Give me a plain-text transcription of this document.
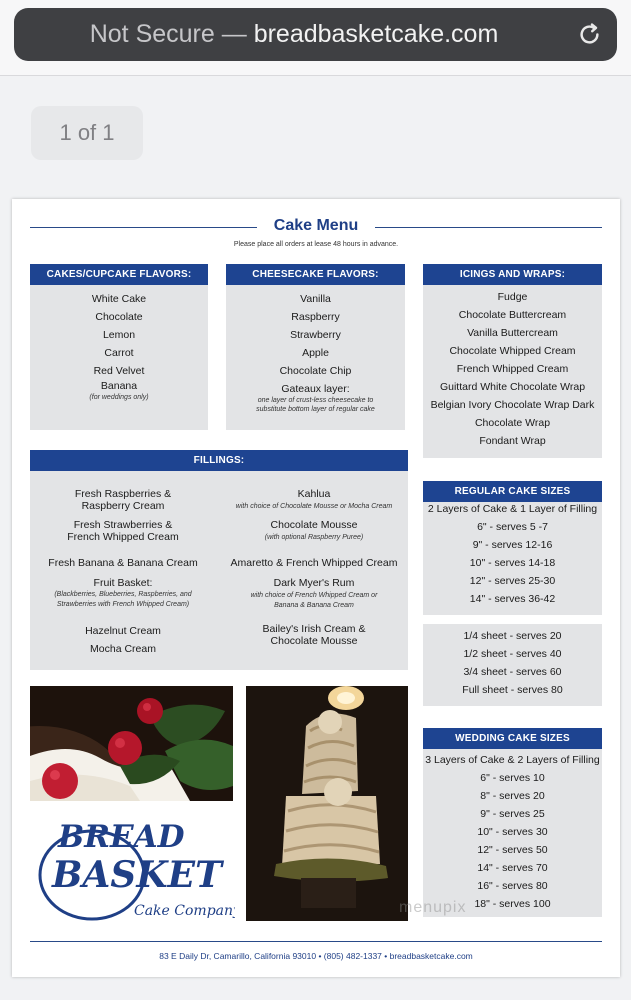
Not Secure — breadbasketcake.com
1 of 1
Cake Menu
Please place all orders at lease 48 hours in advance.
CAKES/CUPCAKE FLAVORS:
White Cake
Chocolate
Lemon
Carrot
Red Velvet
Banana
(for weddings only)
CHEESECAKE FLAVORS:
Vanilla
Raspberry
Strawberry
Apple
Chocolate Chip
Gateaux layer:
one layer of crust-less cheesecake to
substitute bottom layer of regular cake
ICINGS AND WRAPS:
Fudge
Chocolate Buttercream
Vanilla Buttercream
Chocolate Whipped Cream
French Whipped Cream
Guittard White Chocolate Wrap
Belgian Ivory Chocolate Wrap Dark
Chocolate Wrap
Fondant Wrap
FILLINGS:
Fresh Raspberries &
Raspberry Cream
Fresh Strawberries &
French Whipped Cream
Fresh Banana & Banana Cream
Fruit Basket:
(Blackberries, Blueberries, Raspberries, and
Strawberries with French Whipped Cream)
Hazelnut Cream
Mocha Cream
Kahlua
with choice of Chocolate Mousse or Mocha Cream
Chocolate Mousse
(with optional Raspberry Puree)
Amaretto & French Whipped Cream
Dark Myer's Rum
with choice of French Whipped Cream or
Banana & Banana Cream
Bailey's Irish Cream &
Chocolate Mousse
REGULAR CAKE SIZES
2 Layers of Cake & 1 Layer of Filling
6" - serves 5 -7
9" - serves 12-16
10" - serves 14-18
12" - serves 25-30
14" - serves 36-42
1/4 sheet - serves 20
1/2 sheet - serves 40
3/4 sheet - serves 60
Full sheet - serves 80
WEDDING CAKE SIZES
3 Layers of Cake & 2 Layers of Filling
6" - serves 10
8" - serves 20
9" - serves 25
10" - serves 30
12" - serves 50
14" - serves 70
16" - serves 80
18" - serves 100
BREAD
BASKET
Cake Company	menupix
83 E Daily Dr, Camarillo, California 93010 • (805) 482-1337 • breadbasketcake.com
